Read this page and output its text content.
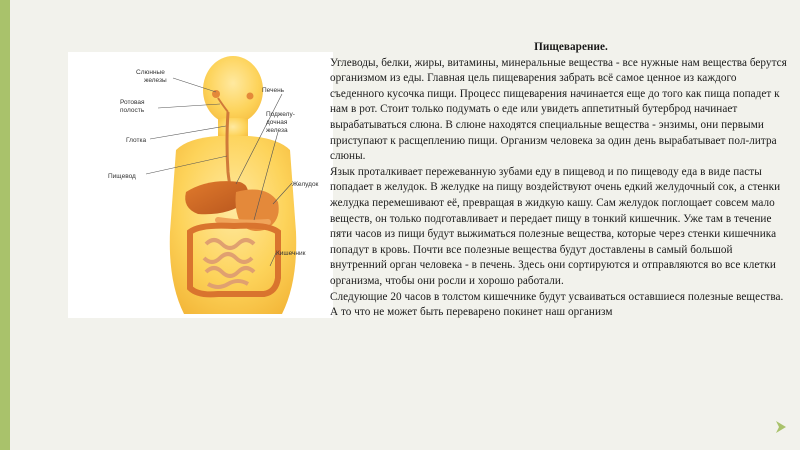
Слюнные
железы
Ротовая
полость
Глотка
Пищевод
Печень
Поджелу-
дочная
железа
Желудок
Кишечник
Пищеварение.
Углеводы, белки, жиры, витамины, минеральные вещества - все нужные нам вещества берутся организмом из еды. Главная цель пищеварения забрать всё самое ценное из каждого съеденного кусочка пищи. Процесс пищеварения начинается еще до того как пища попадет к нам в рот. Стоит только подумать о еде или увидеть аппетитный бутерброд начинает вырабатываться слюна. В слюне находятся специальные вещества - энзимы, они первыми приступают к расщеплению пищи. Организм человека за один день вырабатывает пол-литра слюны.
Язык проталкивает пережеванную зубами еду в пищевод и по пищеводу еда в виде пасты попадает в желудок. В желудке на пищу воздействуют очень едкий желудочный сок, а стенки желудка перемешивают её, превращая в жидкую кашу. Сам желудок поглощает совсем мало веществ, он только подготавливает и передает пищу в тонкий кишечник. Уже там в течение пяти часов из пищи будут выжиматься полезные вещества, которые через стенки кишечника попадут в кровь. Почти все полезные вещества будут доставлены в самый большой внутренний орган человека - в печень. Здесь они сортируются и отправляются во все клетки организма, чтобы они росли и хорошо работали.
Следующие 20 часов в толстом кишечнике будут усваиваться оставшиеся полезные вещества. А то что не может быть переварено покинет наш организм
